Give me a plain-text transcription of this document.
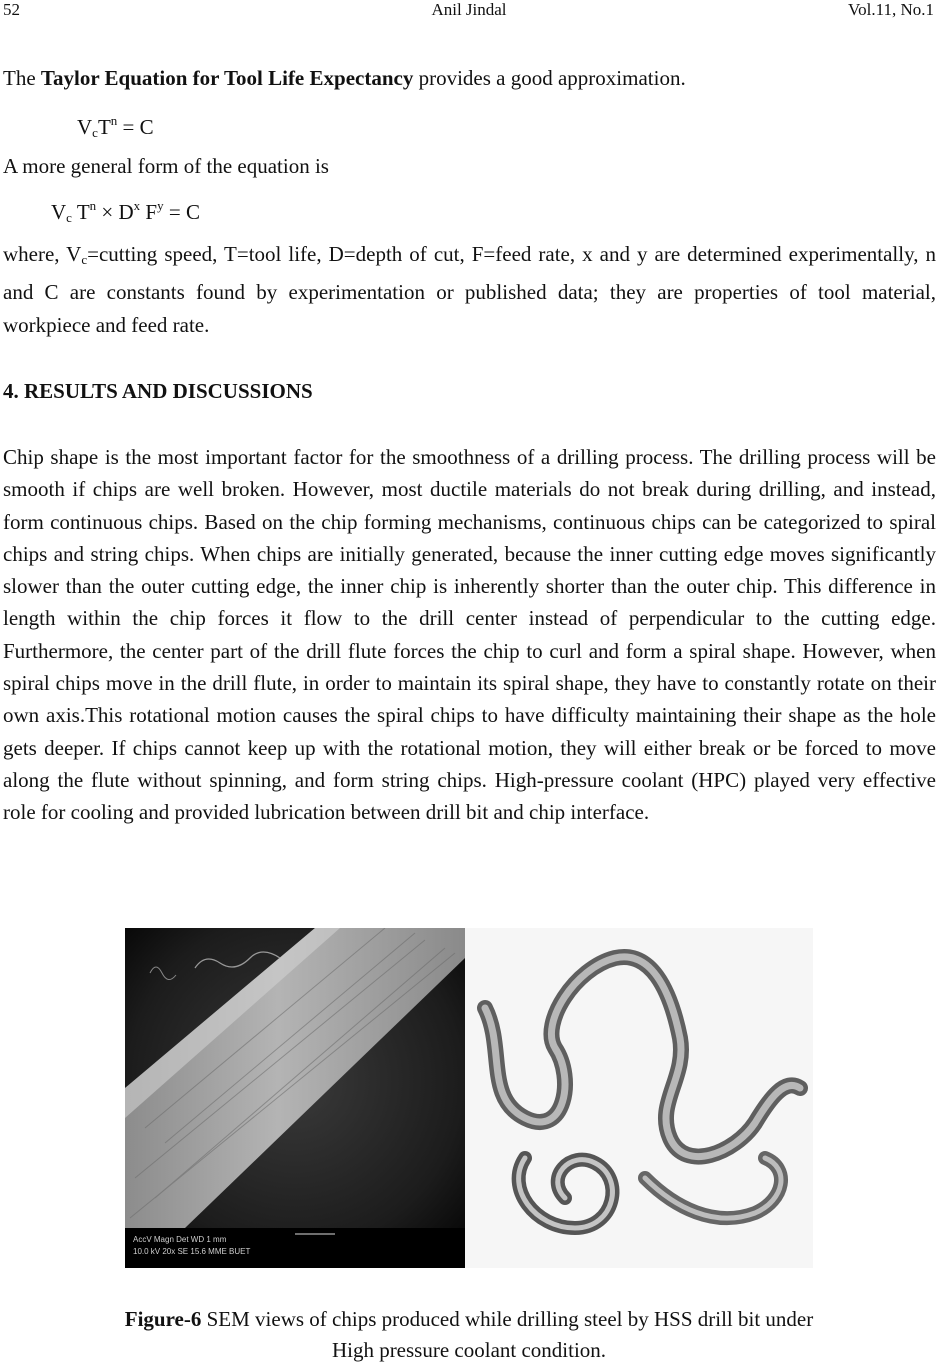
52	Anil Jindal	Vol.11, No.1
The Taylor Equation for Tool Life Expectancy provides a good approximation.
$V_cT^n = C$
A more general form of the equation is
$V_c$ $T^n \times D^x$ $F^y = C$
where, $V_c=cutting$ speed, T=tool life, D=depth of cut, F=feed rate, x and y are determined experimentally, n and C are constants found by experimentation or published data; they are properties of tool material, workpiece and feed rate.
4. RESULTS AND DISCUSSIONS
Chip shape is the most important factor for the smoothness of a drilling process. The drilling process will be smooth if chips are well broken. However, most ductile materials do not break during drilling, and instead, form continuous chips. Based on the chip forming mechanisms, continuous chips can be categorized to spiral chips and string chips. When chips are initially generated, because the inner cutting edge moves significantly slower than the outer cutting edge, the inner chip is inherently shorter than the outer chip. This difference in length within the chip forces it flow to the drill center instead of perpendicular to the cutting edge. Furthermore, the center part of the drill flute forces the chip to curl and form a spiral shape. However, when spiral chips move in the drill flute, in order to maintain its spiral shape, they have to constantly rotate on their own axis.This rotational motion causes the spiral chips to have difficulty maintaining their shape as the hole gets deeper. If chips cannot keep up with the rotational motion, they will either break or be forced to move along the flute without spinning, and form string chips. High-pressure coolant (HPC) played very effective role for cooling and provided lubrication between drill bit and chip interface.
AccV Magn Det WD 1 mm
10.0 kV 20x SE 15.6 MME BUET
Figure-6 SEM views of chips produced while drilling steel by HSS drill bit under
High pressure coolant condition.
